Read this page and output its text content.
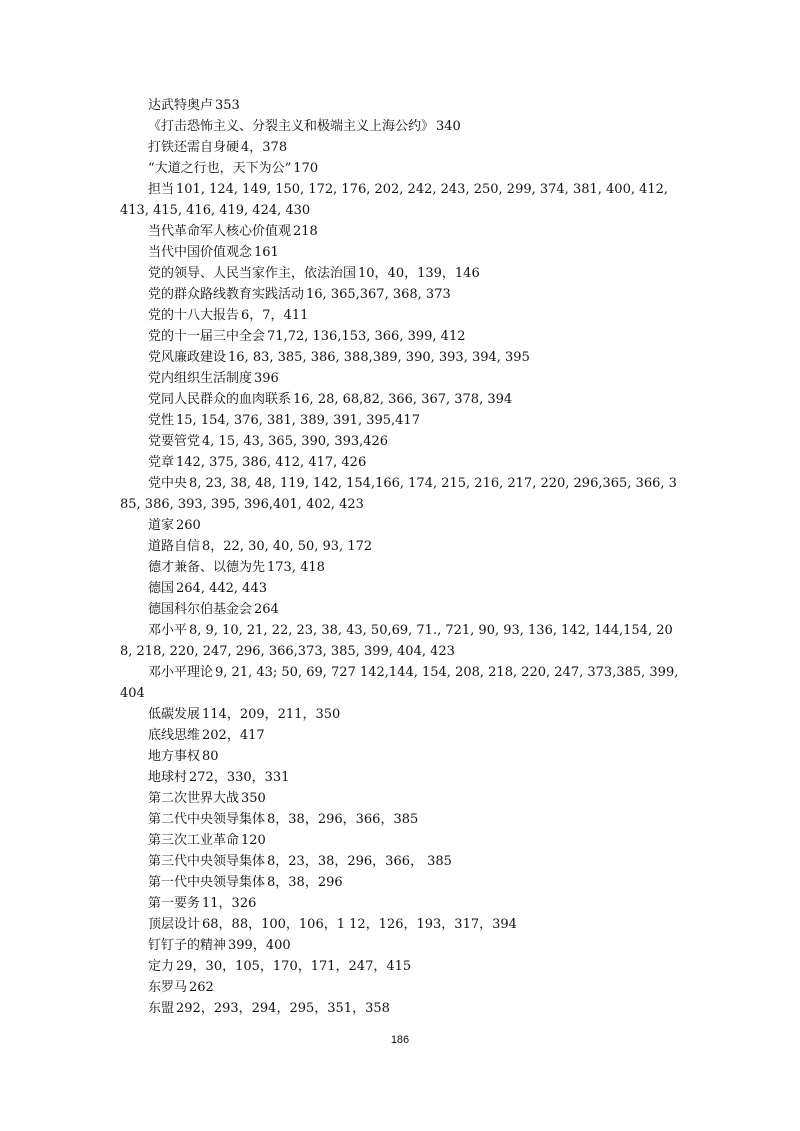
达武特奥卢 353
《打击恐怖主义、分裂主义和极端主义上海公约》 340
打铁还需自身硬 4，378
“大道之行也，天下为公” 170
担当 101, 124, 149, 150, 172, 176, 202, 242, 243, 250, 299, 374, 381, 400, 412, 413, 415, 416, 419, 424, 430
当代革命军人核心价值观 218
当代中国价值观念 161
党的领导、人民当家作主，依法治国 10，40，139，146
党的群众路线教育实践活动 16, 365,367, 368, 373
党的十八大报告 6，7，411
党的十一届三中全会 71,72, 136,153, 366, 399, 412
党风廉政建设 16, 83, 385, 386, 388,389, 390, 393, 394, 395
党内组织生活制度 396
党同人民群众的血肉联系 16, 28, 68,82, 366, 367, 378, 394
党性 15, 154, 376, 381, 389, 391, 395,417
党要管党 4, 15, 43, 365, 390, 393,426
党章 142, 375, 386, 412, 417, 426
党中央 8, 23, 38, 48, 119, 142, 154,166, 174, 215, 216, 217, 220, 296,365, 366, 385, 386, 393, 395, 396,401, 402, 423
道家 260
道路自信 8，22, 30, 40, 50, 93, 172
德才兼备、以德为先 173, 418
德国 264, 442, 443
德国科尔伯基金会 264
邓小平 8, 9, 10, 21, 22, 23, 38, 43, 50,69, 71., 721, 90, 93, 136, 142, 144,154, 208, 218, 220, 247, 296, 366,373, 385, 399, 404, 423
邓小平理论 9, 21, 43; 50, 69, 727 142,144, 154, 208, 218, 220, 247, 373,385, 399, 404
低碳发展 114，209，211，350
底线思维 202，417
地方事权 80
地球村 272，330，331
第二次世界大战 350
第二代中央领导集体 8，38，296，366，385
第三次工业革命 120
第三代中央领导集体 8，23，38，296，366， 385
第一代中央领导集体 8，38，296
第一要务 11，326
顶层设计 68，88，100，106，1 12，126，193，317，394
钉钉子的精神 399，400
定力 29，30，105，170，171，247，415
东罗马 262
东盟 292，293，294，295，351，358
186
